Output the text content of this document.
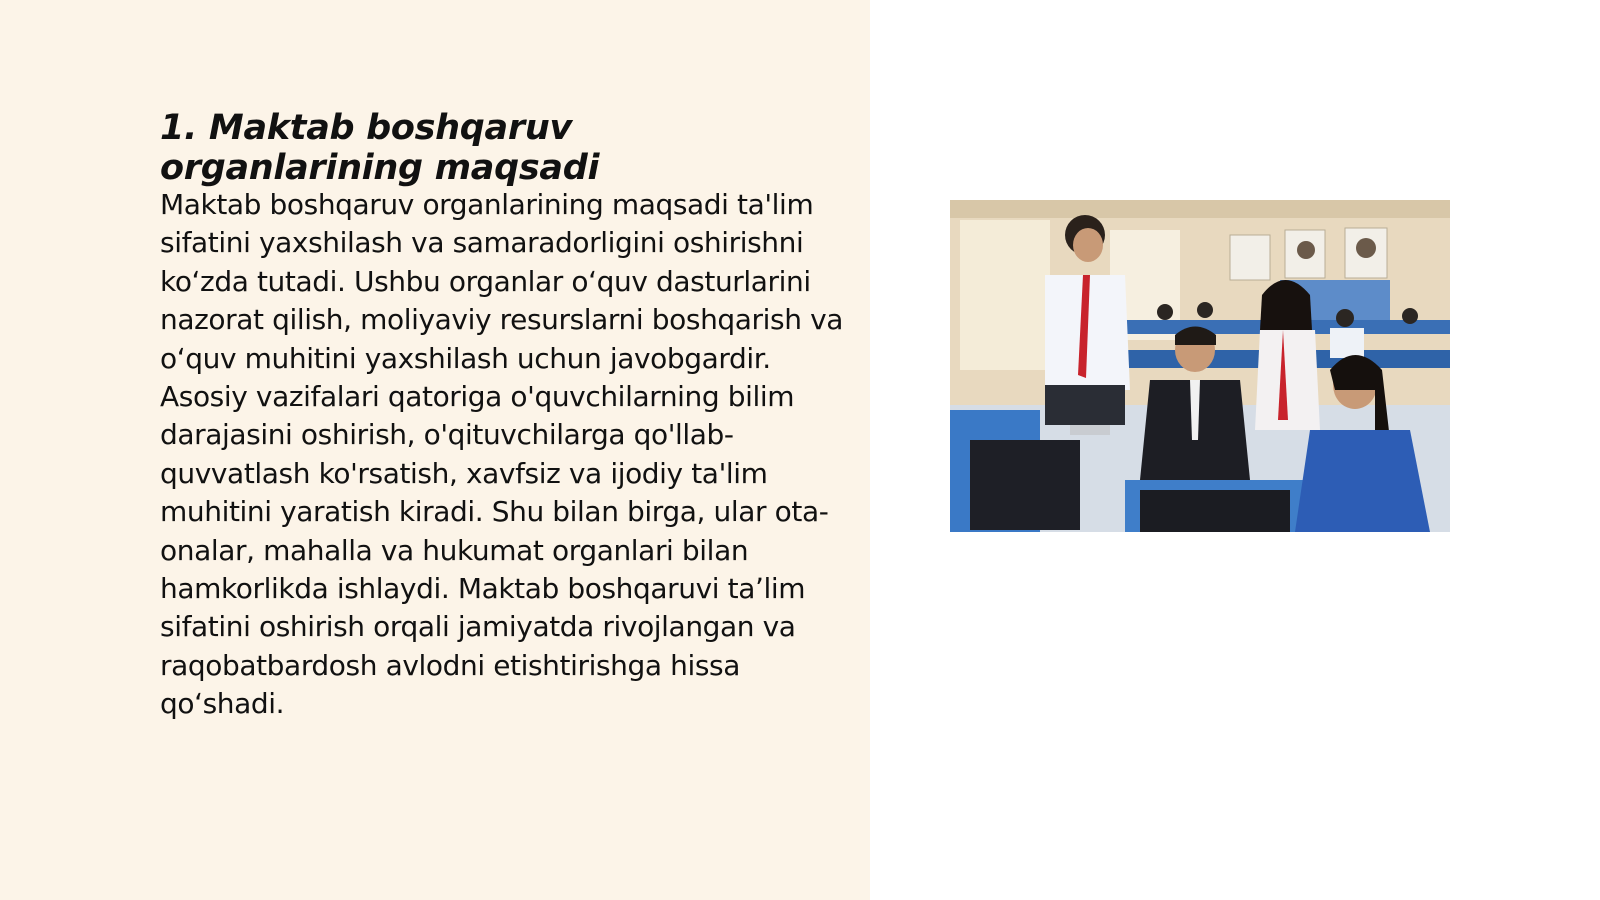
1. Maktab boshqaruv organlarining maqsadi

Maktab boshqaruv organlarining maqsadi ta'lim sifatini yaxshilash va samaradorligini oshirishni koʻzda tutadi. Ushbu organlar oʻquv dasturlarini nazorat qilish, moliyaviy resurslarni boshqarish va oʻquv muhitini yaxshilash uchun javobgardir. Asosiy vazifalari qatoriga o'quvchilarning bilim darajasini oshirish, o'qituvchilarga qo'llab-quvvatlash ko'rsatish, xavfsiz va ijodiy ta'lim muhitini yaratish kiradi. Shu bilan birga, ular ota-onalar, mahalla va hukumat organlari bilan hamkorlikda ishlaydi. Maktab boshqaruvi taʼlim sifatini oshirish orqali jamiyatda rivojlangan va raqobatbardosh avlodni etishtirishga hissa qoʻshadi.
